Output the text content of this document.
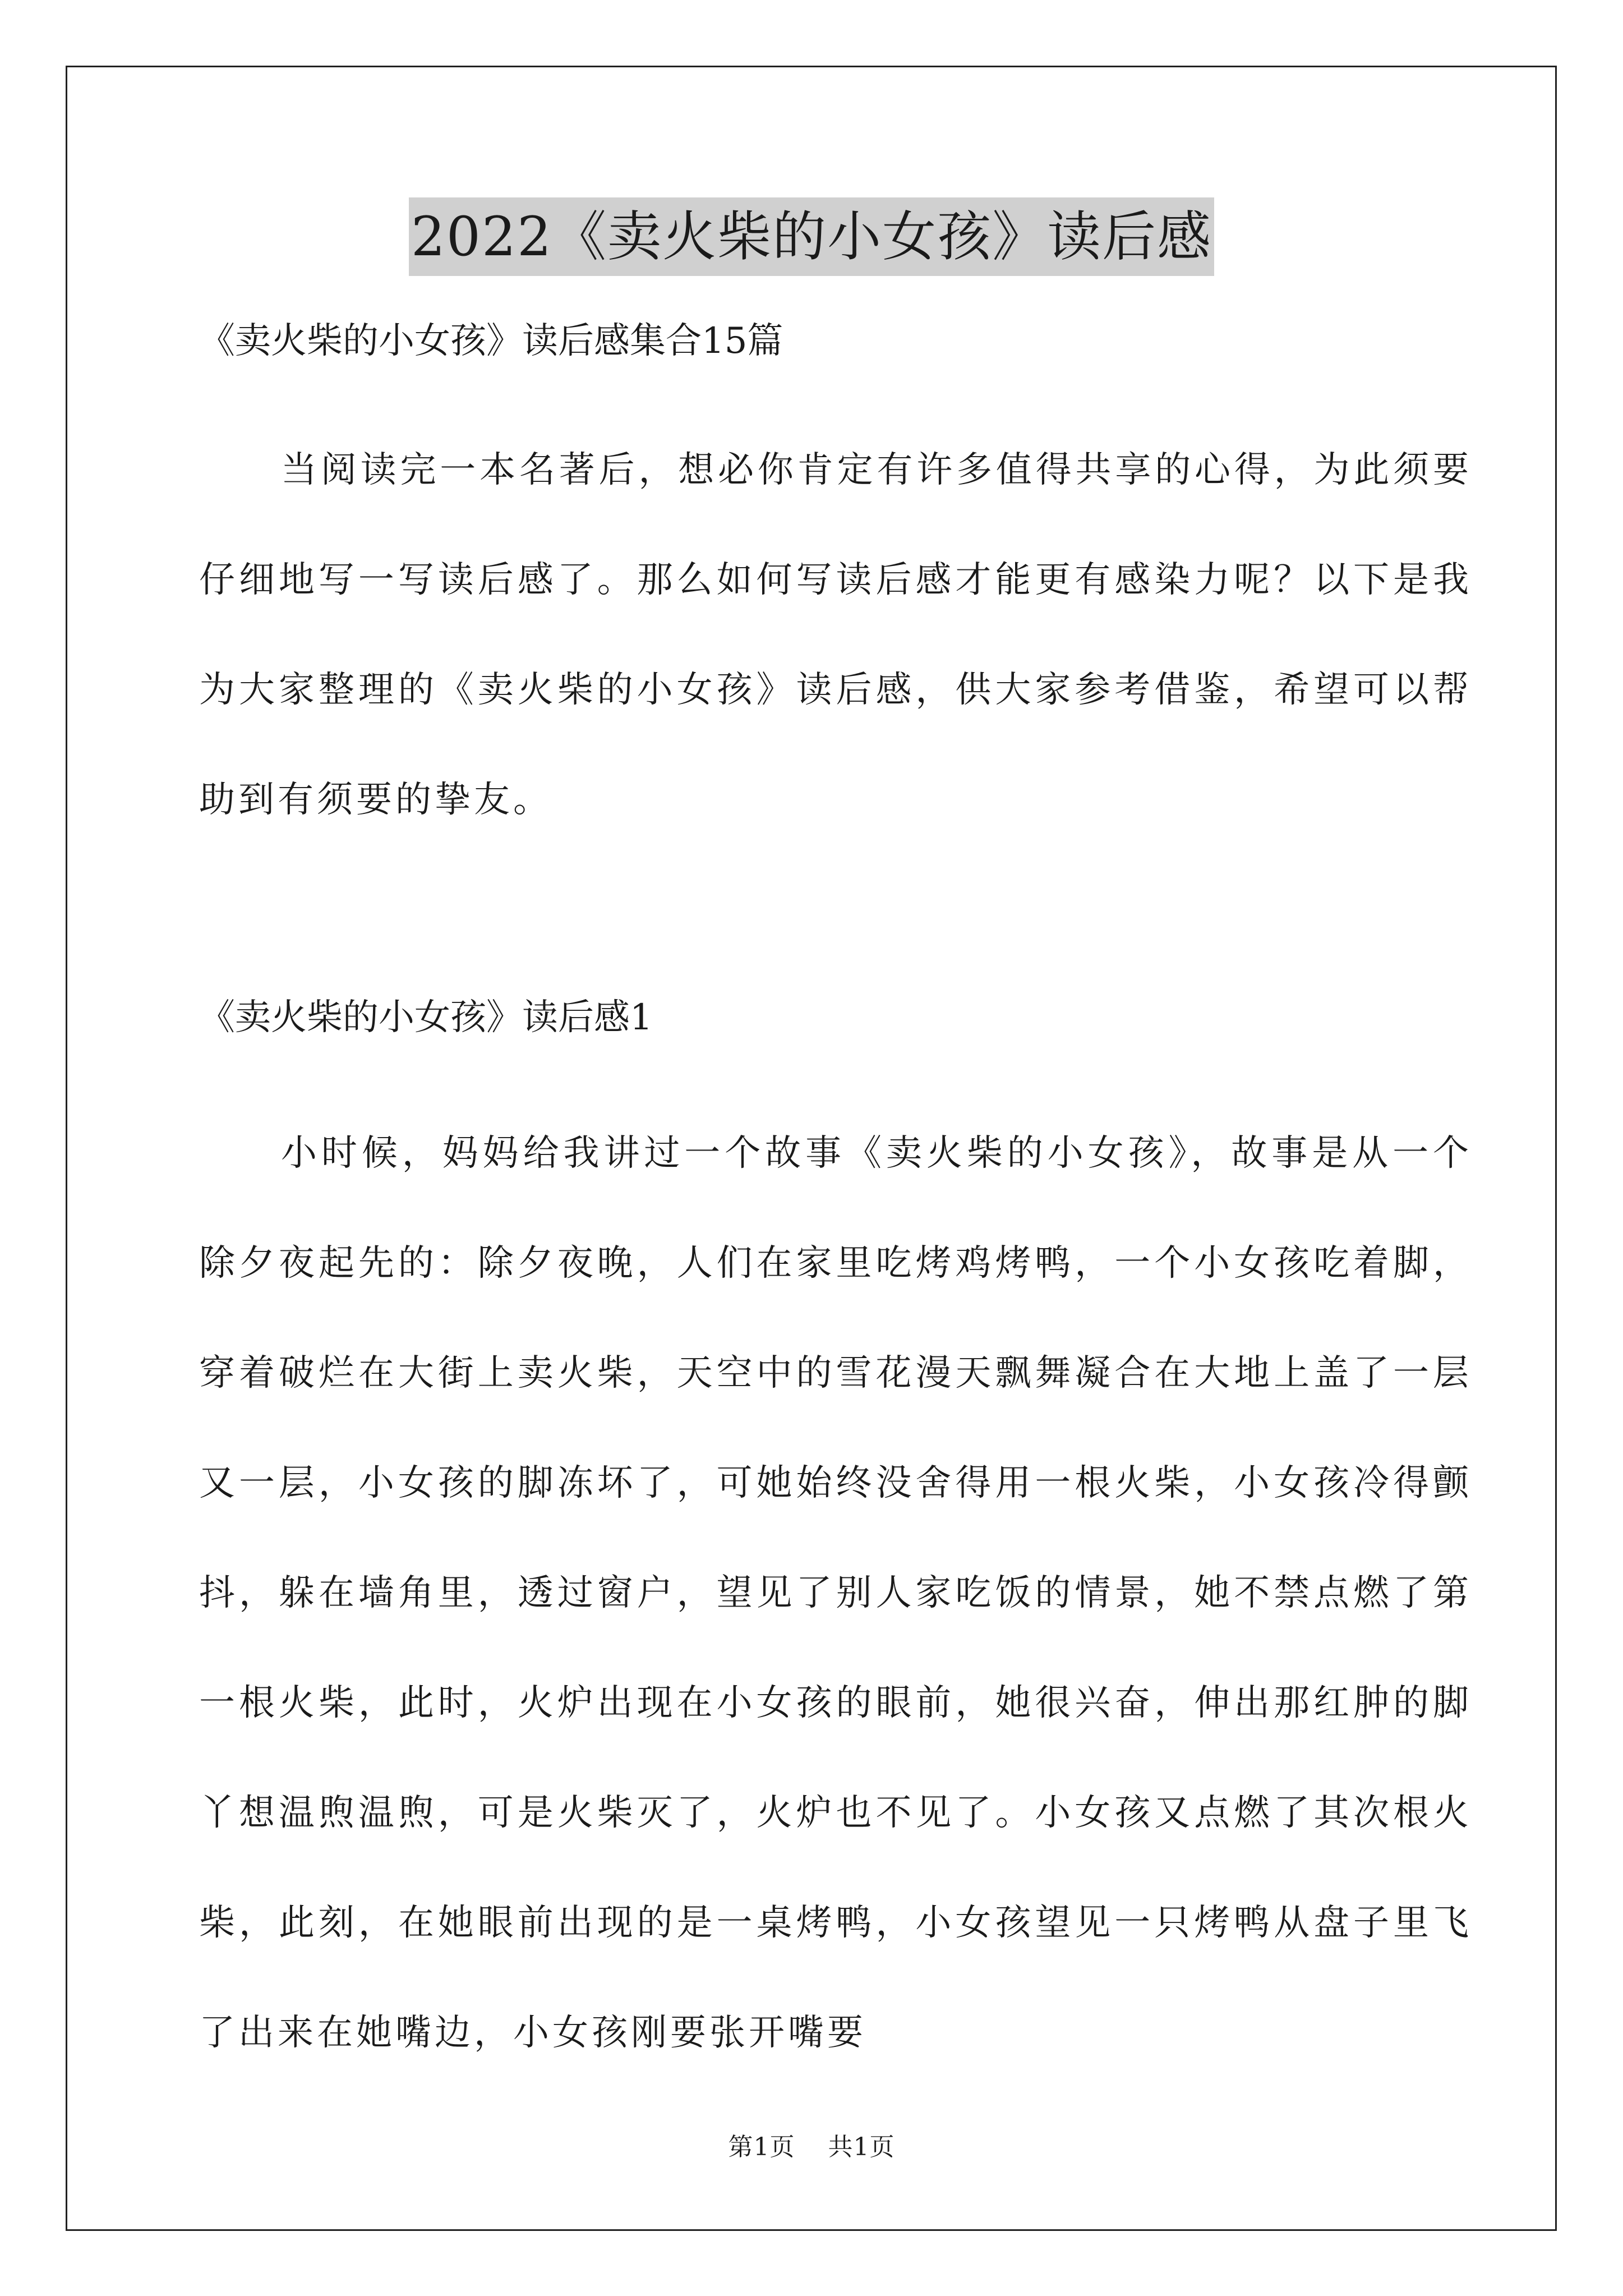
2022《卖火柴的小女孩》读后感

《卖火柴的小女孩》读后感集合15篇

当阅读完一本名著后，想必你肯定有许多值得共享的心得，为此须要仔细地写一写读后感了。那么如何写读后感才能更有感染力呢？以下是我为大家整理的《卖火柴的小女孩》读后感，供大家参考借鉴，希望可以帮助到有须要的挚友。

《卖火柴的小女孩》读后感1

小时候，妈妈给我讲过一个故事《卖火柴的小女孩》，故事是从一个除夕夜起先的：除夕夜晚，人们在家里吃烤鸡烤鸭，一个小女孩吃着脚，穿着破烂在大街上卖火柴，天空中的雪花漫天飘舞凝合在大地上盖了一层又一层，小女孩的脚冻坏了，可她始终没舍得用一根火柴，小女孩冷得颤抖，躲在墙角里，透过窗户，望见了别人家吃饭的情景，她不禁点燃了第一根火柴，此时，火炉出现在小女孩的眼前，她很兴奋，伸出那红肿的脚丫想温煦温煦，可是火柴灭了，火炉也不见了。小女孩又点燃了其次根火柴，此刻，在她眼前出现的是一桌烤鸭，小女孩望见一只烤鸭从盘子里飞了出来在她嘴边，小女孩刚要张开嘴要

第1页 共1页
